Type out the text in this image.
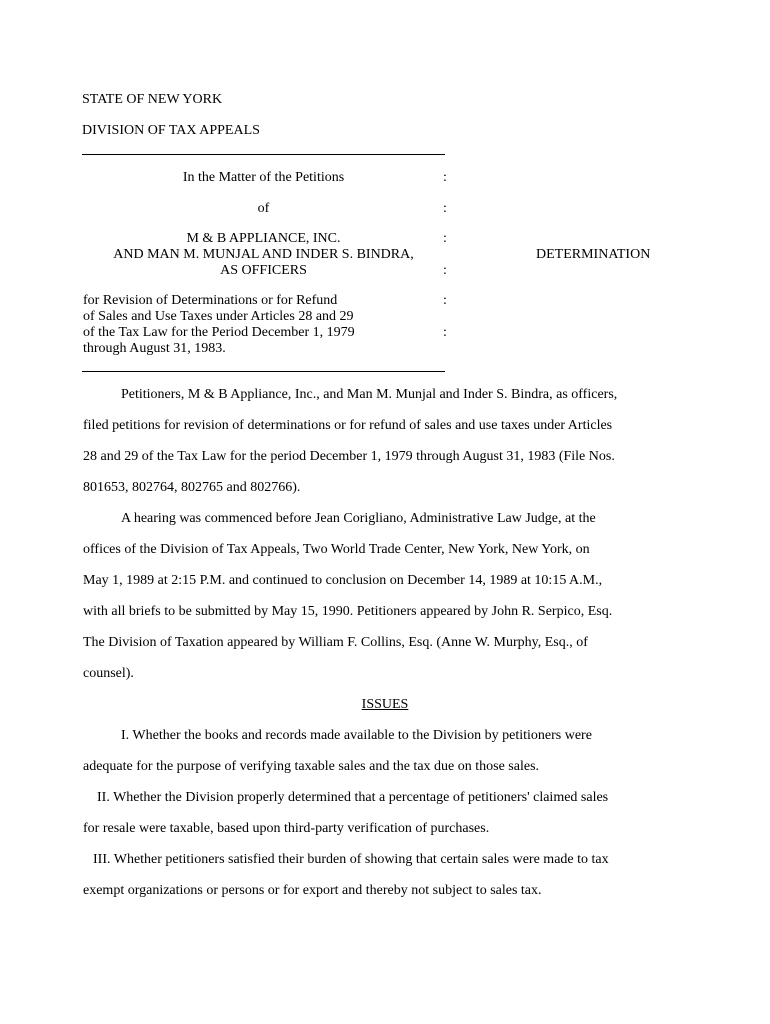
STATE OF NEW YORK
DIVISION OF TAX APPEALS
In the Matter of the Petitions
of
M & B APPLIANCE, INC.
AND MAN M. MUNJAL AND INDER S. BINDRA,
AS OFFICERS
for Revision of Determinations or for Refund
of Sales and Use Taxes under Articles 28 and 29
of the Tax Law for the Period December 1, 1979
through August 31, 1983.
:
:
:
:
:
:
DETERMINATION
Petitioners, M & B Appliance, Inc., and Man M. Munjal and Inder S. Bindra, as officers,
filed petitions for revision of determinations or for refund of sales and use taxes under Articles
28 and 29 of the Tax Law for the period December 1, 1979 through August 31, 1983 (File Nos.
801653, 802764, 802765 and 802766).
A hearing was commenced before Jean Corigliano, Administrative Law Judge, at the
offices of the Division of Tax Appeals, Two World Trade Center, New York, New York, on
May 1, 1989 at 2:15 P.M. and continued to conclusion on December 14, 1989 at 10:15 A.M.,
with all briefs to be submitted by May 15, 1990. Petitioners appeared by John R. Serpico, Esq.
The Division of Taxation appeared by William F. Collins, Esq. (Anne W. Murphy, Esq., of
counsel).
ISSUES
I. Whether the books and records made available to the Division by petitioners were
adequate for the purpose of verifying taxable sales and the tax due on those sales.
II. Whether the Division properly determined that a percentage of petitioners' claimed sales
for resale were taxable, based upon third-party verification of purchases.
III. Whether petitioners satisfied their burden of showing that certain sales were made to tax
exempt organizations or persons or for export and thereby not subject to sales tax.
